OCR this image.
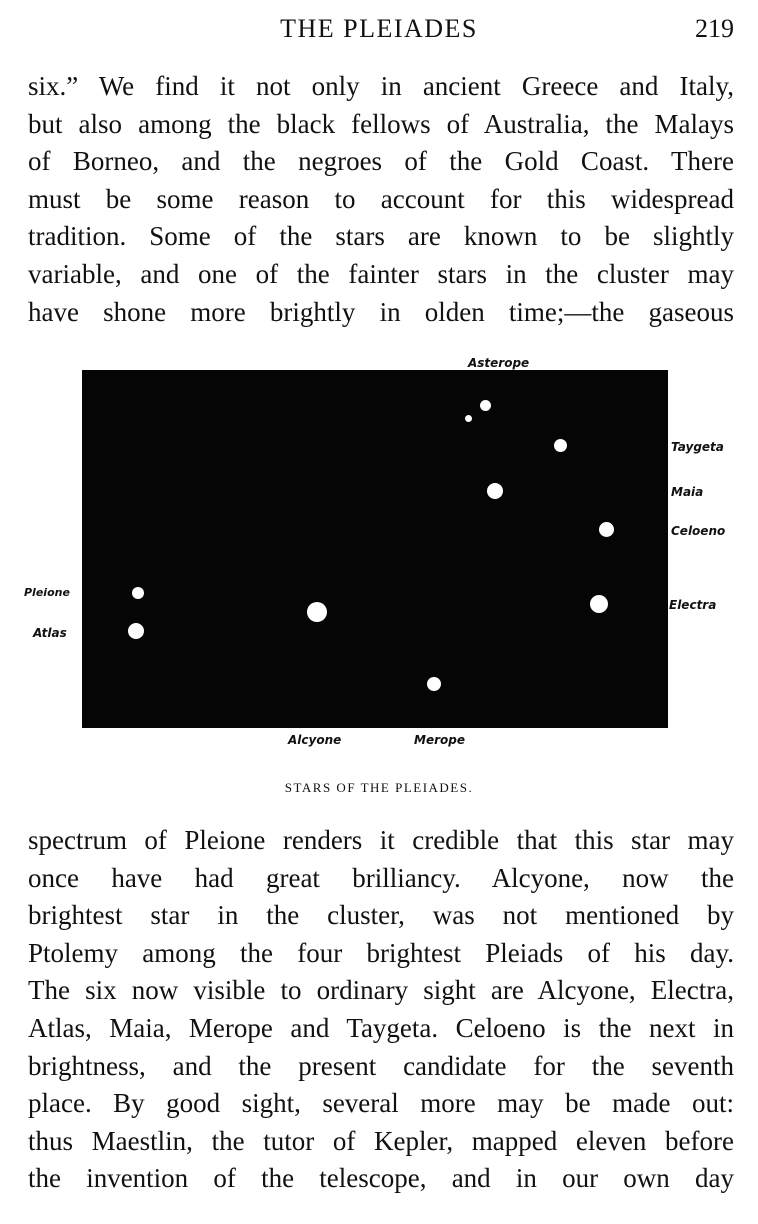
THE PLEIADES	219
six.” We find it not only in ancient Greece and Italy,
but also among the black fellows of Australia, the Malays
of Borneo, and the negroes of the Gold Coast. There
must be some reason to account for this widespread
tradition. Some of the stars are known to be slightly
variable, and one of the fainter stars in the cluster may
have shone more brightly in olden time;—the gaseous
Asterope
Taygeta
Maia
Celoeno
Electra
Pleione
Atlas
Alcyone	Merope
STARS OF THE PLEIADES.
spectrum of Pleione renders it credible that this star may
once have had great brilliancy. Alcyone, now the
brightest star in the cluster, was not mentioned by
Ptolemy among the four brightest Pleiads of his day.
The six now visible to ordinary sight are Alcyone, Electra,
Atlas, Maia, Merope and Taygeta. Celoeno is the next in
brightness, and the present candidate for the seventh
place. By good sight, several more may be made out:
thus Maestlin, the tutor of Kepler, mapped eleven before
the invention of the telescope, and in our own day
